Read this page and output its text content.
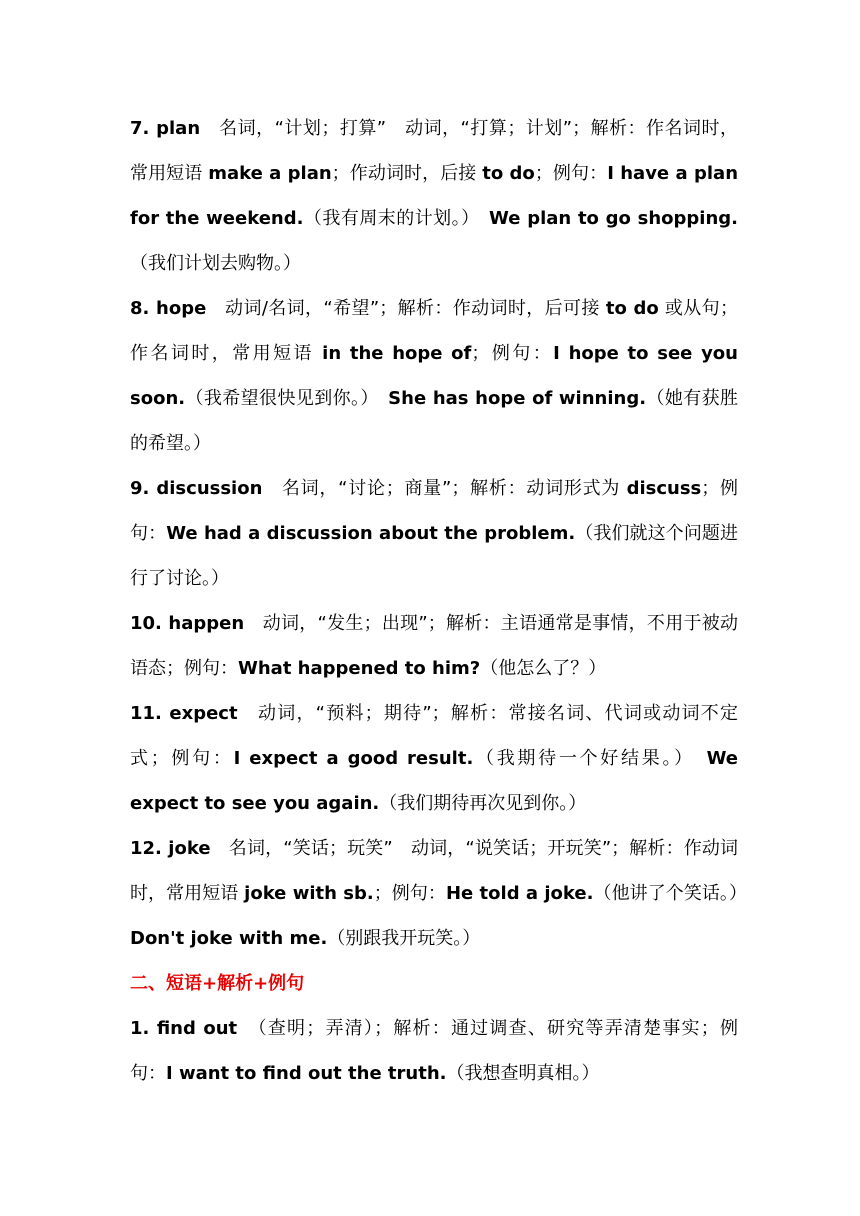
7. plan　名词，“计划；打算”　动词，“打算；计划”；解析：作名词时，常用短语 make a plan；作动词时，后接 to do；例句：I have a plan for the weekend.（我有周末的计划。）　We plan to go shopping.（我们计划去购物。）

8. hope　动词/名词，“希望”；解析：作动词时，后可接 to do 或从句；作名词时，常用短语 in the hope of；例句：I hope to see you soon.（我希望很快见到你。）　She has hope of winning.（她有获胜的希望。）

9. discussion　名词，“讨论；商量”；解析：动词形式为 discuss；例句：We had a discussion about the problem.（我们就这个问题进行了讨论。）

10. happen　动词，“发生；出现”；解析：主语通常是事情，不用于被动语态；例句：What happened to him?（他怎么了？）

11. expect　动词，“预料；期待”；解析：常接名词、代词或动词不定式；例句：I expect a good result.（我期待一个好结果。）　We expect to see you again.（我们期待再次见到你。）

12. joke　名词，“笑话；玩笑”　动词，“说笑话；开玩笑”；解析：作动词时，常用短语 joke with sb.；例句：He told a joke.（他讲了个笑话。）　Don't joke with me.（别跟我开玩笑。）

二、短语+解析+例句

1. find out　（查明；弄清）；解析：通过调查、研究等弄清楚事实；例句：I want to find out the truth.（我想查明真相。）
